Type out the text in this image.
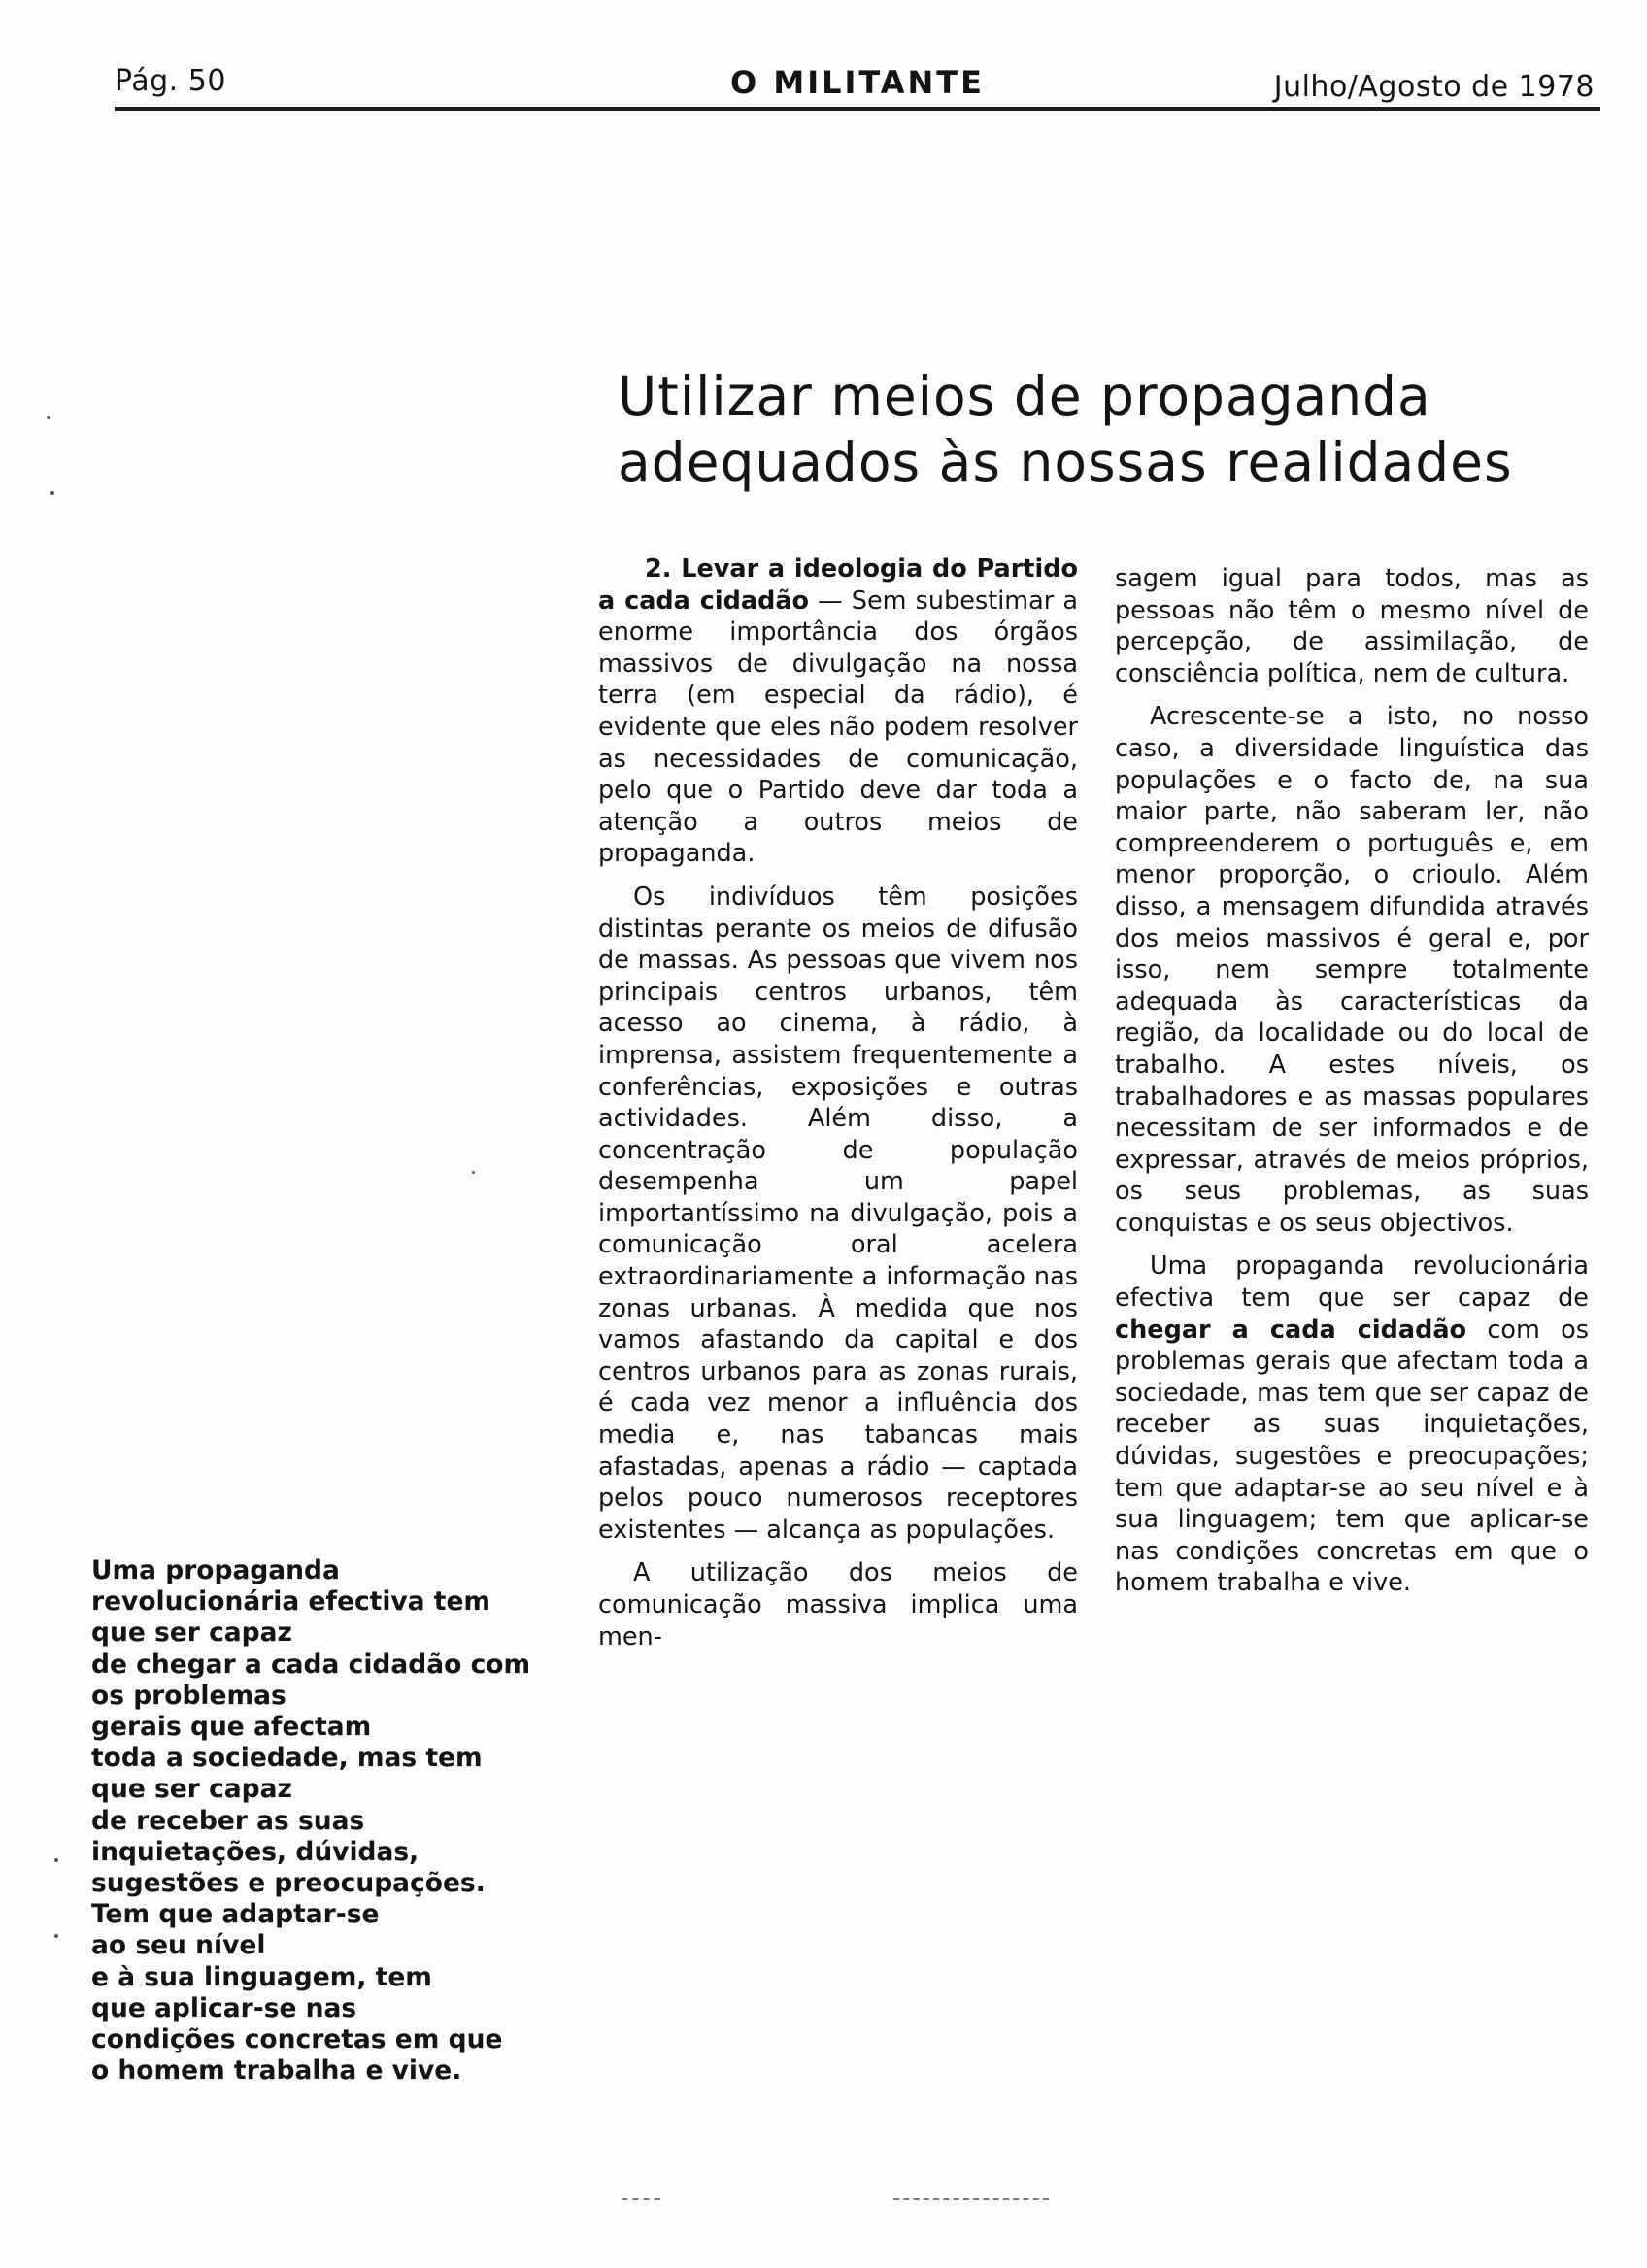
Pág. 50	O MILITANTE	Julho/Agosto de 1978
Utilizar meios de propaganda
adequados às nossas realidades

2. Levar a ideologia do Partido a cada cidadão — Sem subestimar a enorme importância dos órgãos massivos de divulgação na nossa terra (em especial da rádio), é evidente que eles não podem resolver as necessidades de comunicação, pelo que o Partido deve dar toda a atenção a outros meios de propaganda.

Os indivíduos têm posições distintas perante os meios de difusão de massas. As pessoas que vivem nos principais centros urbanos, têm acesso ao cinema, à rádio, à imprensa, assistem frequentemente a conferências, exposições e outras actividades. Além disso, a concentração de população desempenha um papel importantíssimo na divulgação, pois a comunicação oral acelera extraordinariamente a informação nas zonas urbanas. À medida que nos vamos afastando da capital e dos centros urbanos para as zonas rurais, é cada vez menor a influência dos media e, nas tabancas mais afastadas, apenas a rádio — captada pelos pouco numerosos receptores existentes — alcança as populações.

A utilização dos meios de comunicação massiva implica uma men-

sagem igual para todos, mas as pessoas não têm o mesmo nível de percepção, de assimilação, de consciência política, nem de cultura.

Acrescente-se a isto, no nosso caso, a diversidade linguística das populações e o facto de, na sua maior parte, não saberam ler, não compreenderem o português e, em menor proporção, o crioulo. Além disso, a mensagem difundida através dos meios massivos é geral e, por isso, nem sempre totalmente adequada às características da região, da localidade ou do local de trabalho. A estes níveis, os trabalhadores e as massas populares necessitam de ser informados e de expressar, através de meios próprios, os seus problemas, as suas conquistas e os seus objectivos.

Uma propaganda revolucionária efectiva tem que ser capaz de chegar a cada cidadão com os problemas gerais que afectam toda a sociedade, mas tem que ser capaz de receber as suas inquietações, dúvidas, sugestões e preocupações; tem que adaptar-se ao seu nível e à sua linguagem; tem que aplicar-se nas condições concretas em que o homem trabalha e vive.

Uma propaganda
revolucionária efectiva tem
que ser capaz
de chegar a cada cidadão com
os problemas
gerais que afectam
toda a sociedade, mas tem
que ser capaz
de receber as suas
inquietações, dúvidas,
sugestões e preocupações.
Tem que adaptar-se
ao seu nível
e à sua linguagem, tem
que aplicar-se nas
condições concretas em que
o homem trabalha e vive.
